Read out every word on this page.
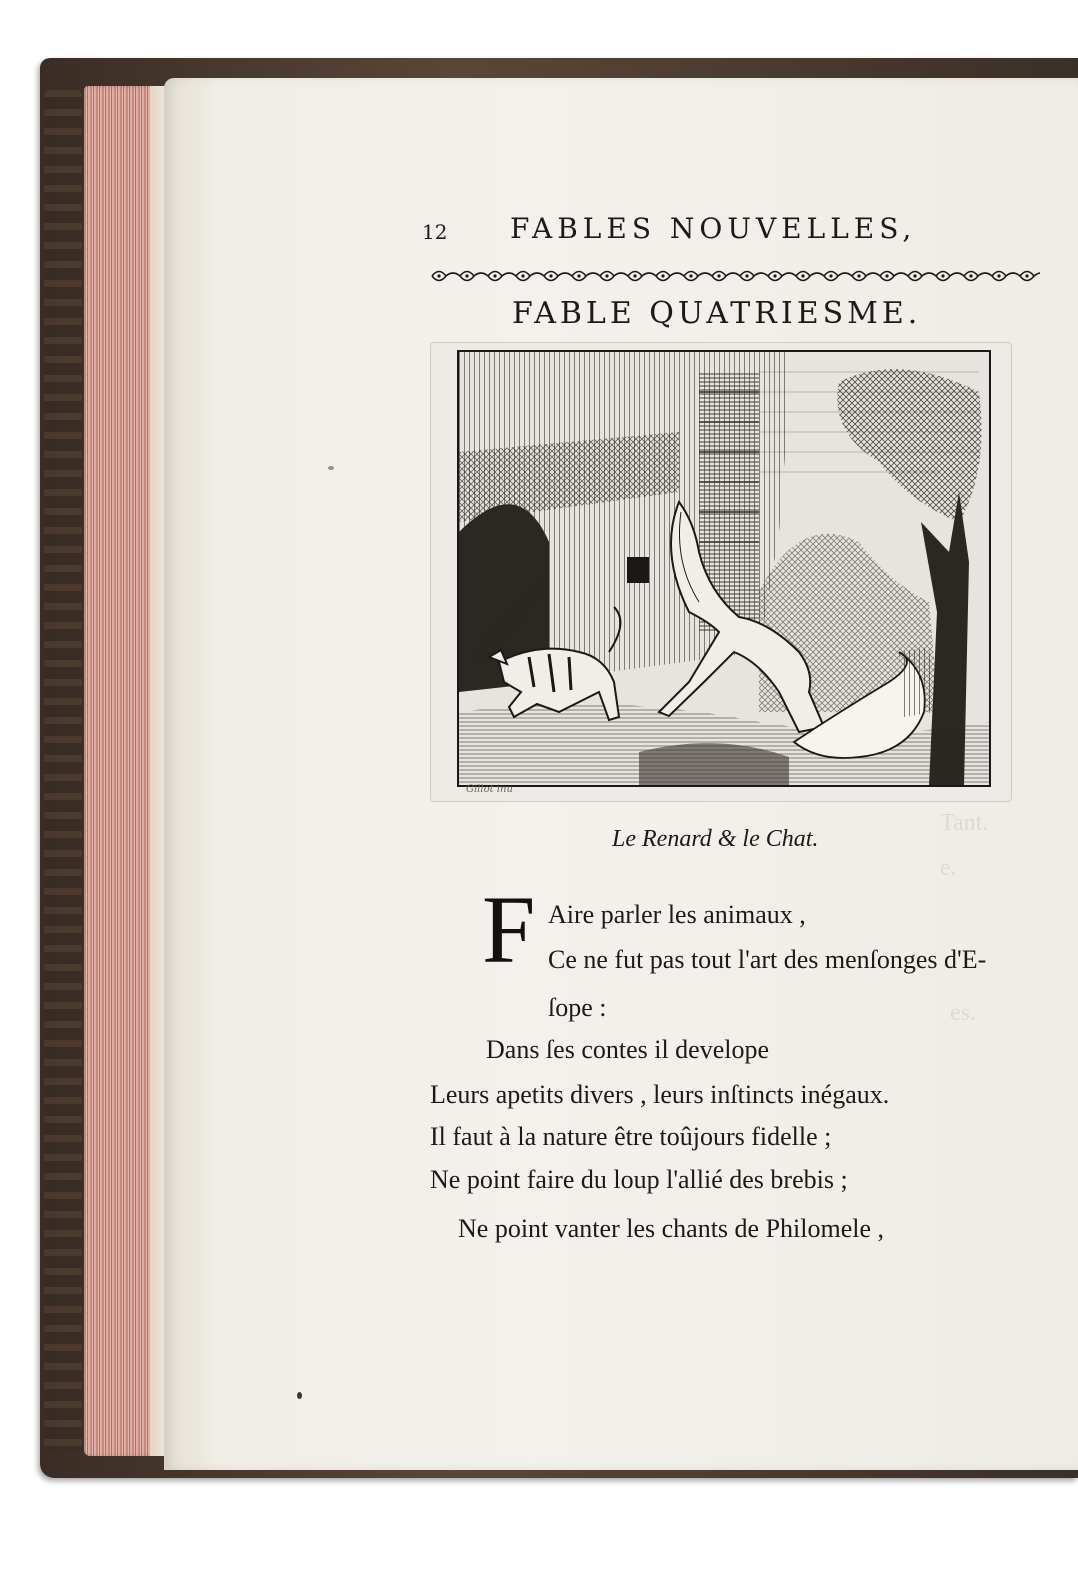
Tant.
e.
es.
12 FABLES NOUVELLES,
FABLE QUATRIESME.
Gillot inu
Le Renard & le Chat.
F Aire parler les animaux ,
Ce ne fut pas tout l'art des menſonges d'E-
ſope :
Dans ſes contes il develope
Leurs apetits divers , leurs inſtincts inégaux.
Il faut à la nature être toûjours fidelle ;
Ne point faire du loup l'allié des brebis ;
Ne point vanter les chants de Philomele ,
